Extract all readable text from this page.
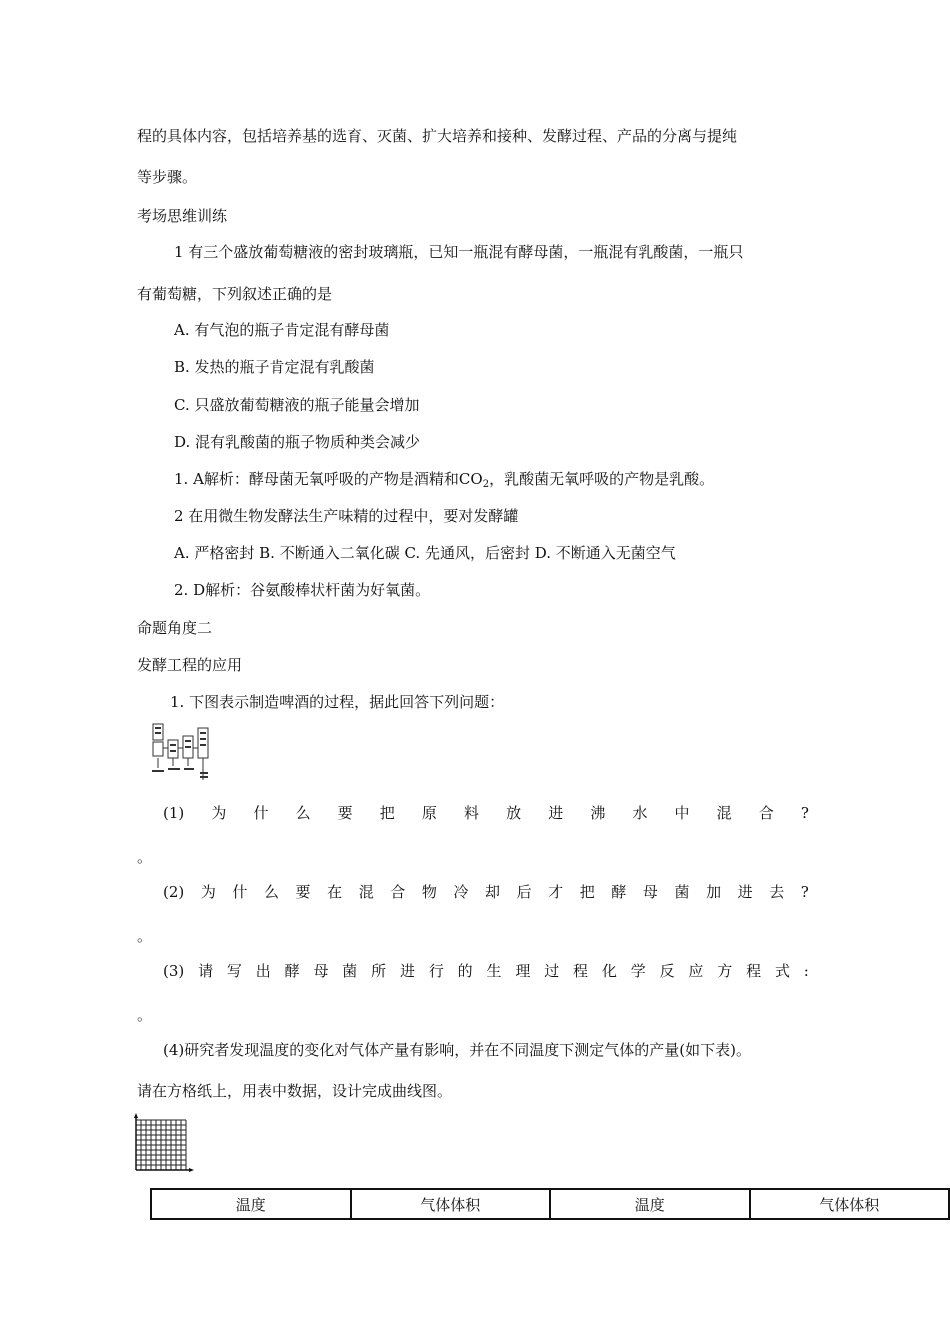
程的具体内容，包括培养基的选育、灭菌、扩大培养和接种、发酵过程、产品的分离与提纯
等步骤。
考场思维训练
1 有三个盛放葡萄糖液的密封玻璃瓶，已知一瓶混有酵母菌，一瓶混有乳酸菌，一瓶只
有葡萄糖，下列叙述正确的是
A. 有气泡的瓶子肯定混有酵母菌
B. 发热的瓶子肯定混有乳酸菌
C. 只盛放葡萄糖液的瓶子能量会增加
D. 混有乳酸菌的瓶子物质种类会减少
1. A解析：酵母菌无氧呼吸的产物是酒精和$CO_2$，乳酸菌无氧呼吸的产物是乳酸。
2 在用微生物发酵法生产味精的过程中，要对发酵罐
A. 严格密封 B. 不断通入二氧化碳 C. 先通风，后密封 D. 不断通入无菌空气
2. D解析：谷氨酸棒状杆菌为好氧菌。
命题角度二
发酵工程的应用
1. 下图表示制造啤酒的过程，据此回答下列问题：
(1) 为 什 么 要 把 原 料 放 进 沸 水 中 混 合 ?
。
(2) 为 什 么 要 在 混 合 物 冷 却 后 才 把 酵 母 菌 加 进 去 ?
。
(3) 请 写 出 酵 母 菌 所 进 行 的 生 理 过 程 化 学 反 应 方 程 式 :
。
(4)研究者发现温度的变化对气体产量有影响，并在不同温度下测定气体的产量(如下表)。
请在方格纸上，用表中数据，设计完成曲线图。
温度	气体体积	温度	气体体积
